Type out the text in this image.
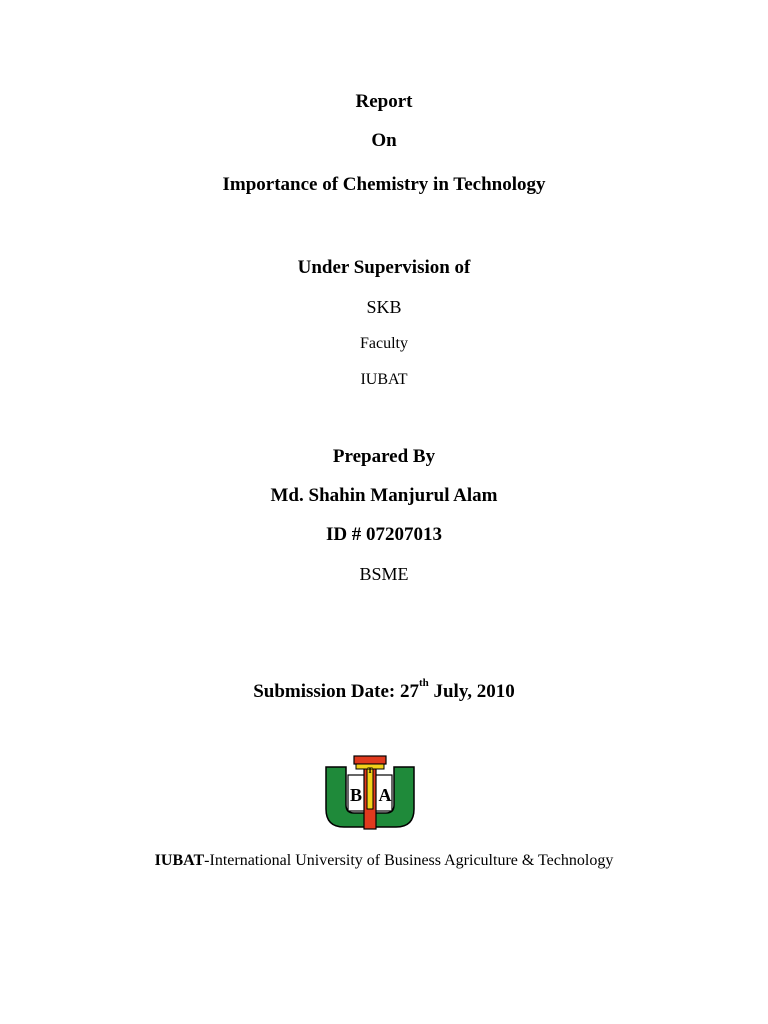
Report
On
Importance of Chemistry in Technology
Under Supervision of
SKB
Faculty
IUBAT
Prepared By
Md. Shahin Manjurul Alam
ID # 07207013
BSME
Submission Date: 27th July, 2010
T
B A
IUBAT-International University of Business Agriculture & Technology
